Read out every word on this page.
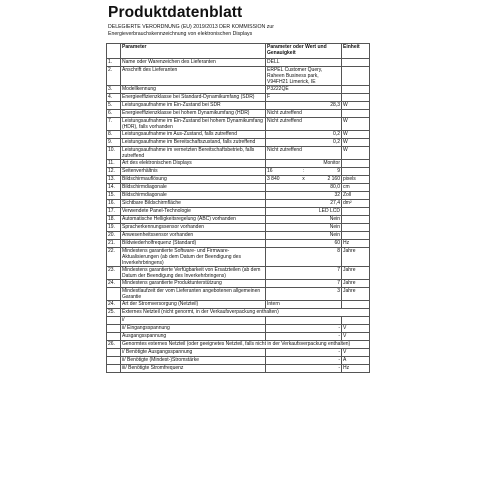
Produktdatenblatt
DELEGIERTE VERORDNUNG (EU) 2019/2013 DER KOMMISSION zur
Energieverbrauchskennzeichnung von elektronischen Displays
	Parameter	Parameter oder Wert und Genauigkeit	Einheit
1.	Name oder Warenzeichen des Lieferanten	DELL	
2.	Anschrift des Lieferanten	ERPEL Customer Query, Raheen Business park, V94FH21 Limerick, IE	
3.	Modellkennung	P3222QE	
4.	Energieeffizienzklasse bei Standard-Dynamikumfang (SDR)	F	
5.	Leistungsaufnahme im Ein-Zustand bei SDR	28,3	W
6.	Energieeffizienzklasse bei hohem Dynamikumfang (HDR)	Nicht zutreffend	
7.	Leistungsaufnahme im Ein-Zustand bei hohem Dynamikumfang (HDR), falls vorhanden	Nicht zutreffend	W
8.	Leistungsaufnahme im Aus-Zustand, falls zutreffend	0,2	W
9.	Leistungsaufnahme im Bereitschaftszustand, falls zutreffend	0,2	W
10.	Leistungsaufnahme im vernetzten Bereitschaftsbetrieb, falls zutreffend	Nicht zutreffend	W
11.	Art des elektronischen Displays	Monitor	
12.	Seitenverhältnis	16 : 9	

13.	Bildschirmauflösung	3 840 x 2 160	pixels
14.	Bildschirmdiagonale	80,0	cm
15.	Bildschirmdiagonale	32	Zoll
16.	Sichtbare Bildschirmfläche	27,4	dm²
17.	Verwendete Panel-Technologie	LED LCD	
18.	Automatische Helligkeitsregelung (ABC) vorhanden	Nein	
19.	Spracherkennungssensor vorhanden	Nein	
20.	Anwesenheitssensor vorhanden	Nein	
21.	Bildwiederholfrequenz (Standard)	60	Hz
22.	Mindestens garantierte Software- und Firmware-Aktualisierungen (ab dem Datum der Beendigung des Inverkehrbringens)	8	Jahre
23.	Mindestens garantierte Verfügbarkeit von Ersatzteilen (ab dem Datum der Beendigung des Inverkehrbringens)	7	Jahre
24.	Mindestens garantierte Produktunterstützung	7	Jahre
	Mindestlaufzeit der vom Lieferanten angebotenen allgemeinen Garantie	3	Jahre
24.	Art der Stromversorgung (Netzteil)	Intern	
25.	Externes Netzteil (nicht genormt, in der Verkaufsverpackung enthalten)		
	i/		
	ii/ Eingangsspannung	-	V
	Ausgangsspannung	-	V
26.	Genormtes externes Netzteil (oder geeignetes Netzteil, falls nicht in der Verkaufsverpackung enthalten)		
	i/ Benötigte Ausgangsspannung	-	V
	ii/ Benötigte (Mindest-)Stromstärke	-	A
	iii/ Benötigte Stromfrequenz	-	Hz
